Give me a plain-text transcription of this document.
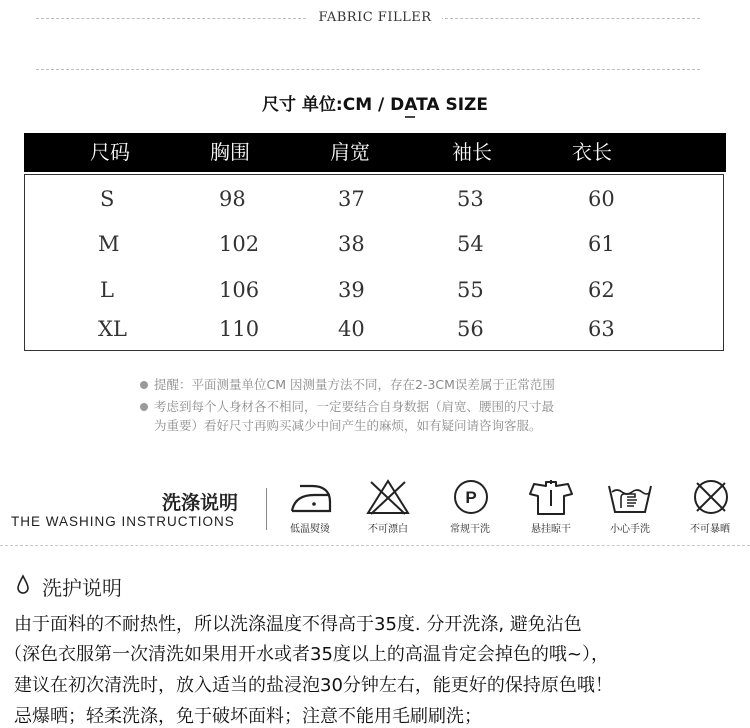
FABRIC FILLER
尺寸 单位:CM / DATA SIZE
尺码	胸围	肩宽	袖长	衣长
S	98	37	53	60
M	102	38	54	61
L	106	39	55	62
XL	110	40	56	63
提醒：平面测量单位CM 因测量方法不同，存在2-3CM误差属于正常范围
考虑到每个人身材各不相同，一定要结合自身数据（肩宽、腰围的尺寸最
为重要）看好尺寸再购买减少中间产生的麻烦，如有疑问请咨询客服。
洗涤说明
THE WASHING INSTRUCTIONS
低温熨烫	不可漂白
P
常规干洗	悬挂晾干	小心手洗	不可暴晒
洗护说明
由于面料的不耐热性，所以洗涤温度不得高于35度. 分开洗涤, 避免沾色
（深色衣服第一次清洗如果用开水或者35度以上的高温肯定会掉色的哦~），
建议在初次清洗时，放入适当的盐浸泡30分钟左右，能更好的保持原色哦！
忌爆晒；轻柔洗涤，免于破坏面料；注意不能用毛刷刷洗；
